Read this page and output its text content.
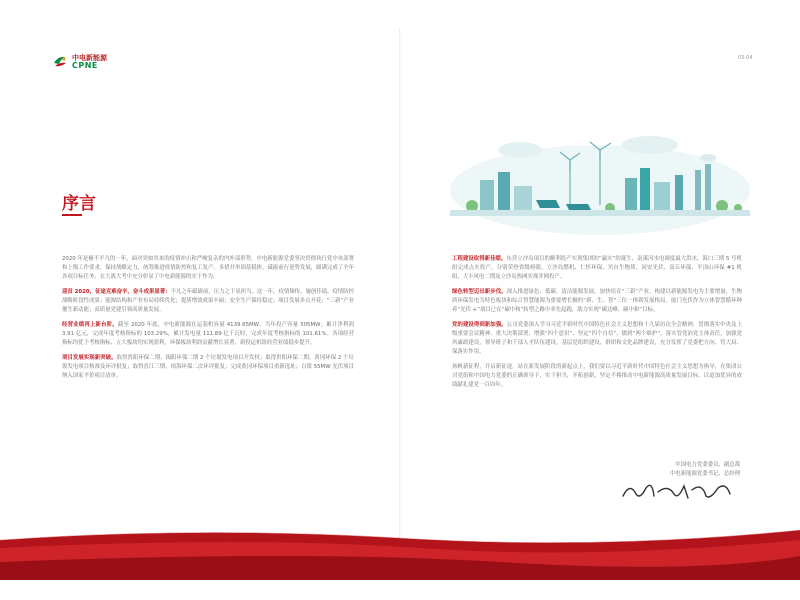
中电新能源
CPNE
03-04
序言

2020 年是极不平凡的一年，面对突如其来的疫情冲击和严峻复杂的内外部形势，中电新能源党委坚决贯彻执行党中央部署和上级工作要求，保持战略定力，统筹推进疫情防控和复工复产，多措并举固基稳体，砥砺前行逆势发展，圆满完成了全年各项目标任务，在大战大考中充分彰显了中电新能源的实干作为。

迎首 2020，征途克难奋辛，奋斗成果显著：不凡之年砥砺前，压力之下显担当。这一年，疫情频传、屡创佳绩。疫情防控战略阶段性成果；能源结构和产业布局持续优化；提质增效成果丰硕；安全生产保持稳定；项目发展多点开花；“三新”产业催生新动能；高质量党建引领高质量发展。

经营业绩再上新台阶。截至 2020 年底，中电新能源在运装机容量 4139.65MW，当年投产容量 505MW。累计净利润 3.91 亿元，完成年度考核指标的 103.29%，累计发电量 111.89 亿千瓦时，完成年度考核指标的 101.61%。各项经营指标均优于考核指标，五大板块均实现盈利，环保板块利润贡献增长显著，新投运机组经营业绩稳步提升。

项目发展实现新突破。取得贵阳环保二期、揭阳环保二期 2 个垃圾发电项目开发权；取得贵阳环保二期、黄冈环保 2 个垃圾发电项目核准及环评批复；取得晋江三期、琼海环保二次环评批复；完成黄冈环保项目重新选址；白银 55MW 光伏项目纳入国家平价项目清单。

工程建设取得新佳绩。东营立沙岛项目的顺利投产实现集团的“赢实”的诞生，南溪河水电调度最大洪水，海口三期 5 号机组完成点火投产，分别荣登省级榜眼。立沙岛燃机、仁怀环保、贝台生物质、同安光伏、高丘环保、平顶山环保 #1 机组、大丰风电二期及立沙岛热网实现并网投产。

绿色转型迈出新步伐。深入推进绿色、低碳、清洁能源发展，加快培育“三新”产业，构建以新能源发电为主要增量、生物质环保发电为特色板块和综合智慧能源为重要增长极的“新、生、智”三位一体新发展格局。厦门光伏作为立体智慧循环种养“光伏 +”项目已在“碳中和”转型之路中率先起跑，助力实现“碳达峰、碳中和”目标。

党的建设得到新加强。公司党委深入学习习近平新时代中国特色社会主义思想和十九届历次全会精神，贯彻落实中央及上级重要会议精神、重大决策部署，增强“四个意识”、坚定“四个自信”、做到“两个维护”。落实管党治党主体责任，加强党风廉政建设，领导班子和干部人才队伍建设，基层党组织建设，群团和文化品牌建设，充分发挥了党委把方向、管大局、保落实作用。

扬帆新征程，开启新征途。站在新发展阶段的新起点上，我们要以习近平新时代中国特色社会主义思想为指导，在集团公司党组和中国电力党委的正确领导下，实干担当，开拓创新，坚定不移推动中电新能源高质量发展目标，以更加优异的成绩献礼建党一百周年。

中国电力党委委员、副总裁
中电新能源党委书记、总经理
